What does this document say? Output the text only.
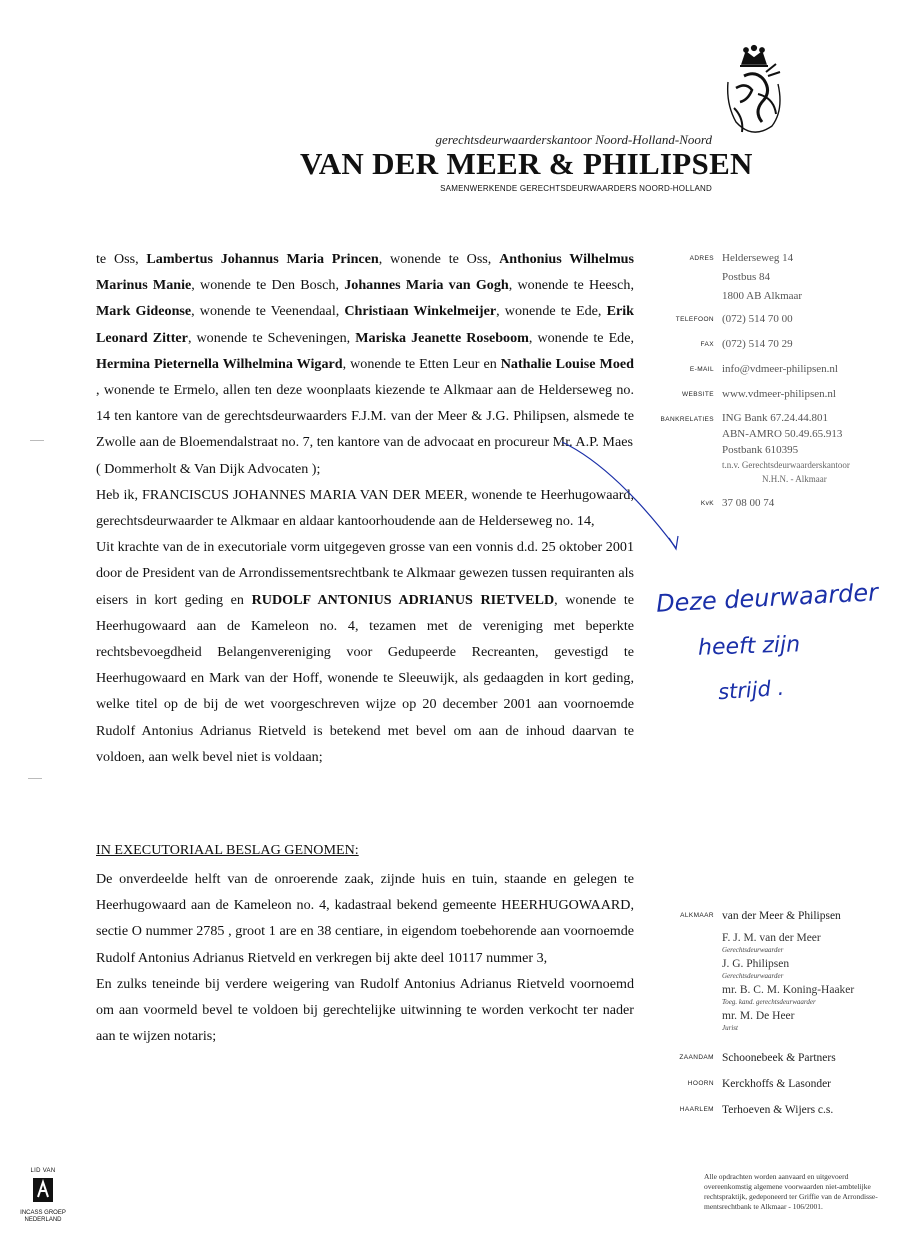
gerechtsdeurwaarderskantoor Noord-Holland-Noord
VAN DER MEER & PHILIPSEN
SAMENWERKENDE GERECHTSDEURWAARDERS NOORD-HOLLAND

te Oss, Lambertus Johannus Maria Princen, wonende te Oss, Anthonius Wilhelmus Marinus Manie, wonende te Den Bosch, Johannes Maria van Gogh, wonende te Heesch, Mark Gideonse, wonende te Veenendaal, Christiaan Winkelmeijer, wonende te Ede, Erik Leonard Zitter, wonende te Scheveningen, Mariska Jeanette Roseboom, wonende te Ede, Hermina Pieternella Wilhelmina Wigard, wonende te Etten Leur en Nathalie Louise Moed , wonende te Ermelo, allen ten deze woonplaats kiezende te Alkmaar aan de Helderseweg no. 14 ten kantore van de gerechtsdeurwaarders F.J.M. van der Meer & J.G. Philipsen, alsmede te Zwolle aan de Bloemendalstraat no. 7, ten kantore van de advocaat en procureur Mr. A.P. Maes

( Dommerholt & Van Dijk Advocaten );

Heb ik, FRANCISCUS JOHANNES MARIA VAN DER MEER, wonende te Heerhugowaard, gerechtsdeurwaarder te Alkmaar en aldaar kantoorhoudende aan de Helderseweg no. 14,

Uit krachte van de in executoriale vorm uitgegeven grosse van een vonnis d.d. 25 oktober 2001 door de President van de Arrondissementsrechtbank te Alkmaar gewezen tussen requiranten als eisers in kort geding en RUDOLF ANTONIUS ADRIANUS RIETVELD, wonende te Heerhugowaard aan de Kameleon no. 4, tezamen met de vereniging met beperkte rechtsbevoegdheid Belangenvereniging voor Gedupeerde Recreanten, gevestigd te Heerhugowaard en Mark van der Hoff, wonende te Sleeuwijk, als gedaagden in kort geding, welke titel op de bij de wet voorgeschreven wijze op 20 december 2001 aan voornoemde Rudolf Antonius Adrianus Rietveld is betekend met bevel om aan de inhoud daarvan te voldoen, aan welk bevel niet is voldaan;

IN EXECUTORIAAL BESLAG GENOMEN:

De onverdeelde helft van de onroerende zaak, zijnde huis en tuin, staande en gelegen te Heerhugowaard aan de Kameleon no. 4, kadastraal bekend gemeente HEERHUGOWAARD, sectie O nummer 2785 , groot 1 are en 38 centiare, in eigendom toebehorende aan voornoemde Rudolf Antonius Adrianus Rietveld en verkregen bij akte deel 10117 nummer 3,

En zulks teneinde bij verdere weigering van Rudolf Antonius Adrianus Rietveld voornoemd om aan voormeld bevel te voldoen bij gerechtelijke uitwinning te worden verkocht ter nader aan te wijzen notaris;

ADRES Helderseweg 14
Postbus 84
1800 AB Alkmaar
TELEFOON (072) 514 70 00
FAX (072) 514 70 29
E-MAIL info@vdmeer-philipsen.nl
WEBSITE www.vdmeer-philipsen.nl
BANKRELATIES ING Bank 67.24.44.801
ABN-AMRO 50.49.65.913
Postbank 610395
t.n.v. Gerechtsdeurwaarderskantoor
N.H.N. - Alkmaar
KvK 37 08 00 74
Deze deurwaarder
heeft zijn
strijd .
ALKMAAR van der Meer & Philipsen
F. J. M. van der Meer
Gerechtsdeurwaarder
J. G. Philipsen
Gerechtsdeurwaarder
mr. B. C. M. Koning-Haaker
Toeg. kand. gerechtsdeurwaarder
mr. M. De Heer
Jurist
ZAANDAM Schoonebeek & Partners
HOORN Kerckhoffs & Lasonder
HAARLEM Terhoeven & Wijers c.s.
Alle opdrachten worden aanvaard en uitgevoerd overeenkomstig algemene voorwaarden niet-ambtelijke rechtspraktijk, gedeponeerd ter Griffie van de Arrondisse-mentsrechtbank te Alkmaar - 106/2001.
LID VAN
INCASS GROEP
NEDERLAND
